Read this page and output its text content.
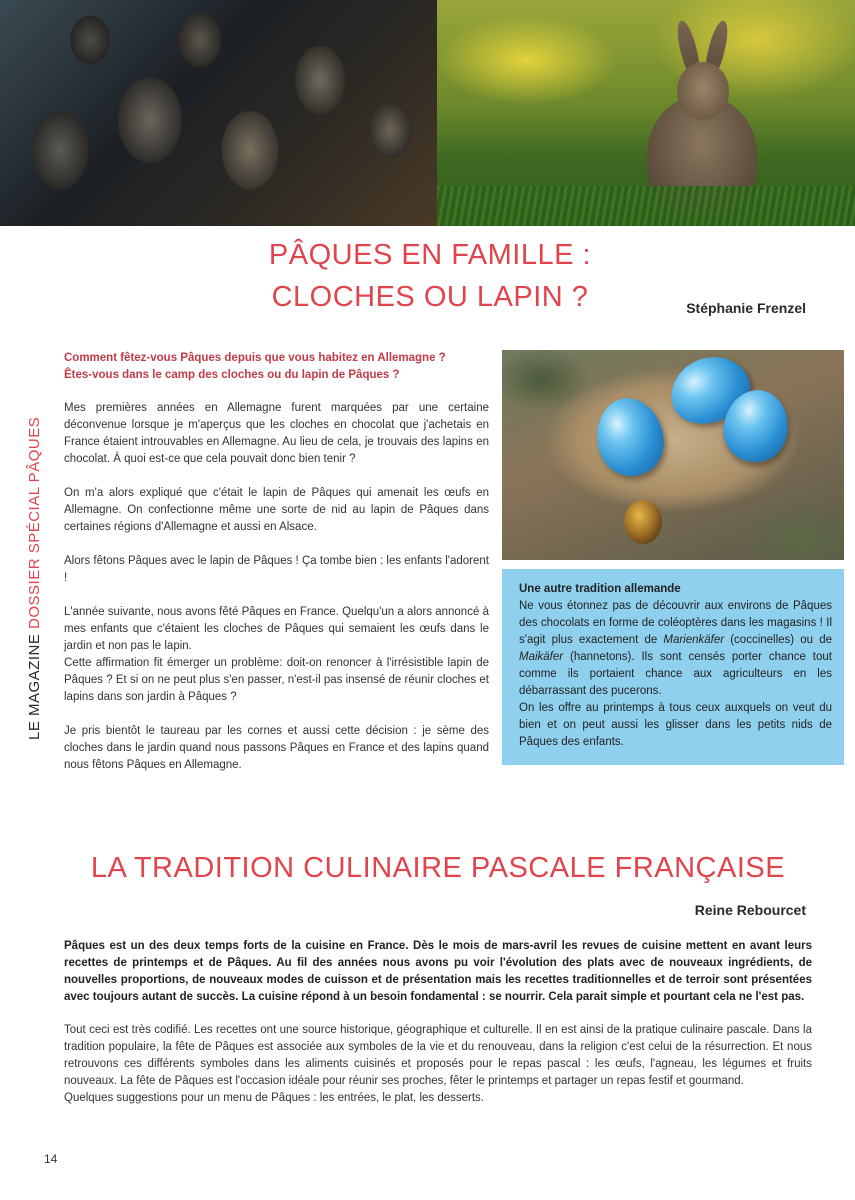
LE MAGAZINE DOSSIER SPÉCIAL PÂQUES
PÂQUES EN FAMILLE :
CLOCHES OU LAPIN ?	Stéphanie Frenzel
Comment fêtez-vous Pâques depuis que vous habitez en Allemagne ?
Êtes-vous dans le camp des cloches ou du lapin de Pâques ?

Mes premières années en Allemagne furent marquées par une certaine déconvenue lorsque je m'aperçus que les cloches en chocolat que j'achetais en France étaient introuvables en Allemagne. Au lieu de cela, je trouvais des lapins en chocolat. À quoi est-ce que cela pouvait donc bien tenir ?

On m'a alors expliqué que c'était le lapin de Pâques qui amenait les œufs en Allemagne. On confectionne même une sorte de nid au lapin de Pâques dans certaines régions d'Allemagne et aussi en Alsace.

Alors fêtons Pâques avec le lapin de Pâques ! Ça tombe bien : les enfants l'adorent !

L'année suivante, nous avons fêté Pâques en France. Quelqu'un a alors annoncé à mes enfants que c'étaient les cloches de Pâques qui semaient les œufs dans le jardin et non pas le lapin.

Cette affirmation fit émerger un problème: doit-on renoncer à l'irrésistible lapin de Pâques ? Et si on ne peut plus s'en passer, n'est-il pas insensé de réunir cloches et lapins dans son jardin à Pâques ?

Je pris bientôt le taureau par les cornes et aussi cette décision : je sème des cloches dans le jardin quand nous passons Pâques en France et des lapins quand nous fêtons Pâques en Allemagne.

Une autre tradition allemande
Ne vous étonnez pas de découvrir aux environs de Pâques des chocolats en forme de coléoptères dans les magasins ! Il s'agit plus exactement de Marienkäfer (coccinelles) ou de Maikäfer (hannetons). Ils sont censés porter chance tout comme ils portaient chance aux agriculteurs en les débarrassant des pucerons.
On les offre au printemps à tous ceux auxquels on veut du bien et on peut aussi les glisser dans les petits nids de Pâques des enfants.
LA TRADITION CULINAIRE PASCALE FRANÇAISE
Reine Rebourcet
Pâques est un des deux temps forts de la cuisine en France. Dès le mois de mars-avril les revues de cuisine mettent en avant leurs recettes de printemps et de Pâques. Au fil des années nous avons pu voir l'évolution des plats avec de nouveaux ingrédients, de nouvelles proportions, de nouveaux modes de cuisson et de présentation mais les recettes traditionnelles et de terroir sont présentées avec toujours autant de succès. La cuisine répond à un besoin fondamental : se nourrir. Cela parait simple et pourtant cela ne l'est pas.
Tout ceci est très codifié. Les recettes ont une source historique, géographique et culturelle. Il en est ainsi de la pratique culinaire pascale. Dans la tradition populaire, la fête de Pâques est associée aux symboles de la vie et du renouveau, dans la religion c'est celui de la résurrection. Et nous retrouvons ces différents symboles dans les aliments cuisinés et proposés pour le repas pascal : les œufs, l'agneau, les légumes et fruits nouveaux. La fête de Pâques est l'occasion idéale pour réunir ses proches, fêter le printemps et partager un repas festif et gourmand.
Quelques suggestions pour un menu de Pâques : les entrées, le plat, les desserts.
14
